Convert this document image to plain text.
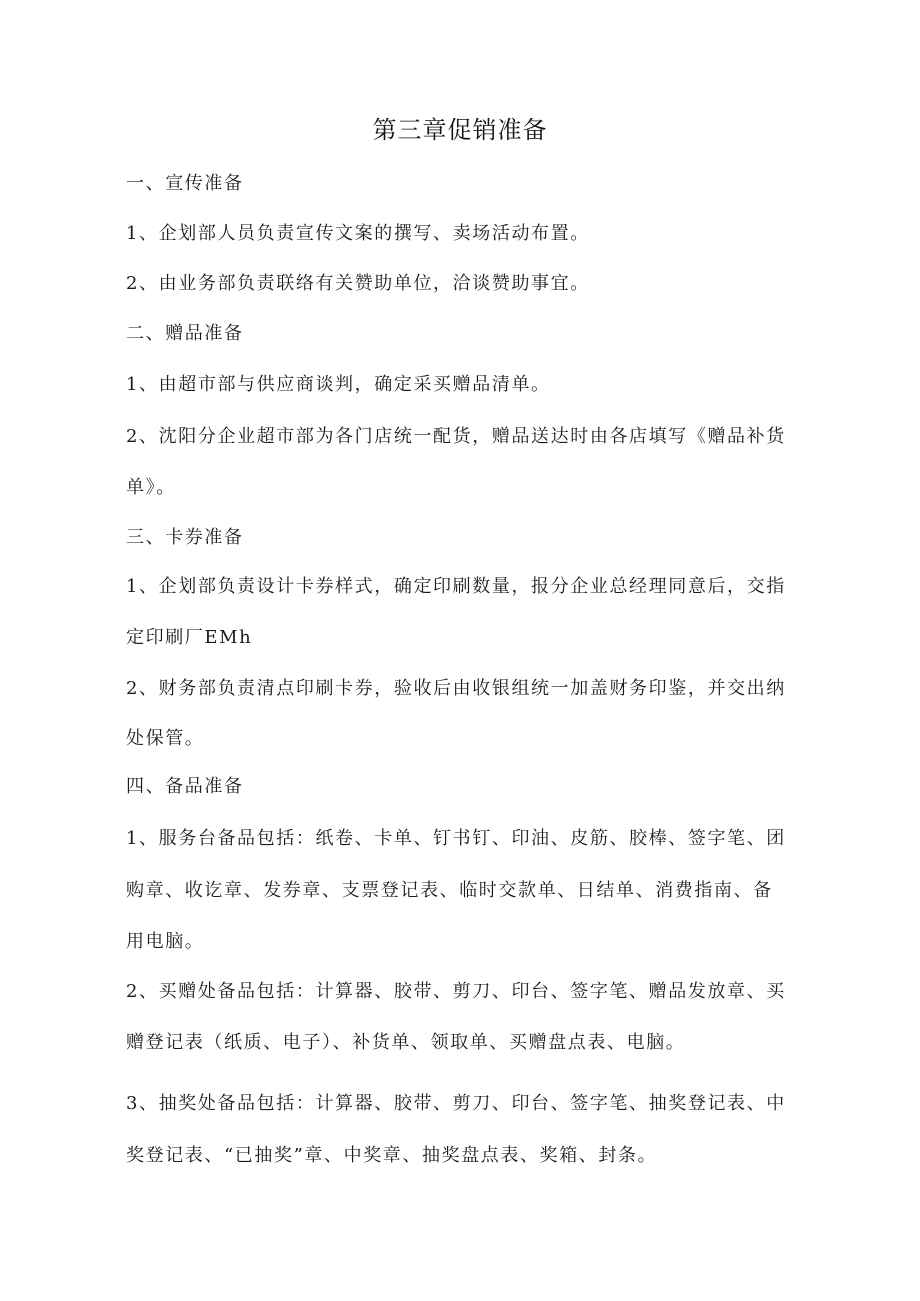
第三章促销准备

一、宣传准备

1、企划部人员负责宣传文案的撰写、卖场活动布置。

2、由业务部负责联络有关赞助单位，洽谈赞助事宜。

二、赠品准备

1、由超市部与供应商谈判，确定采买赠品清单。

2、沈阳分企业超市部为各门店统一配货，赠品送达时由各店填写《赠品补货

单》。

三、卡券准备

1、企划部负责设计卡券样式，确定印刷数量，报分企业总经理同意后，交指

定印刷厂EMh

2、财务部负责清点印刷卡券，验收后由收银组统一加盖财务印鉴，并交出纳

处保管。

四、备品准备

1、服务台备品包括：纸卷、卡单、钉书钉、印油、皮筋、胶棒、签字笔、团

购章、收讫章、发券章、支票登记表、临时交款单、日结单、消费指南、备

用电脑。

2、买赠处备品包括：计算器、胶带、剪刀、印台、签字笔、赠品发放章、买

赠登记表（纸质、电子）、补货单、领取单、买赠盘点表、电脑。

3、抽奖处备品包括：计算器、胶带、剪刀、印台、签字笔、抽奖登记表、中

奖登记表、“已抽奖”章、中奖章、抽奖盘点表、奖箱、封条。
